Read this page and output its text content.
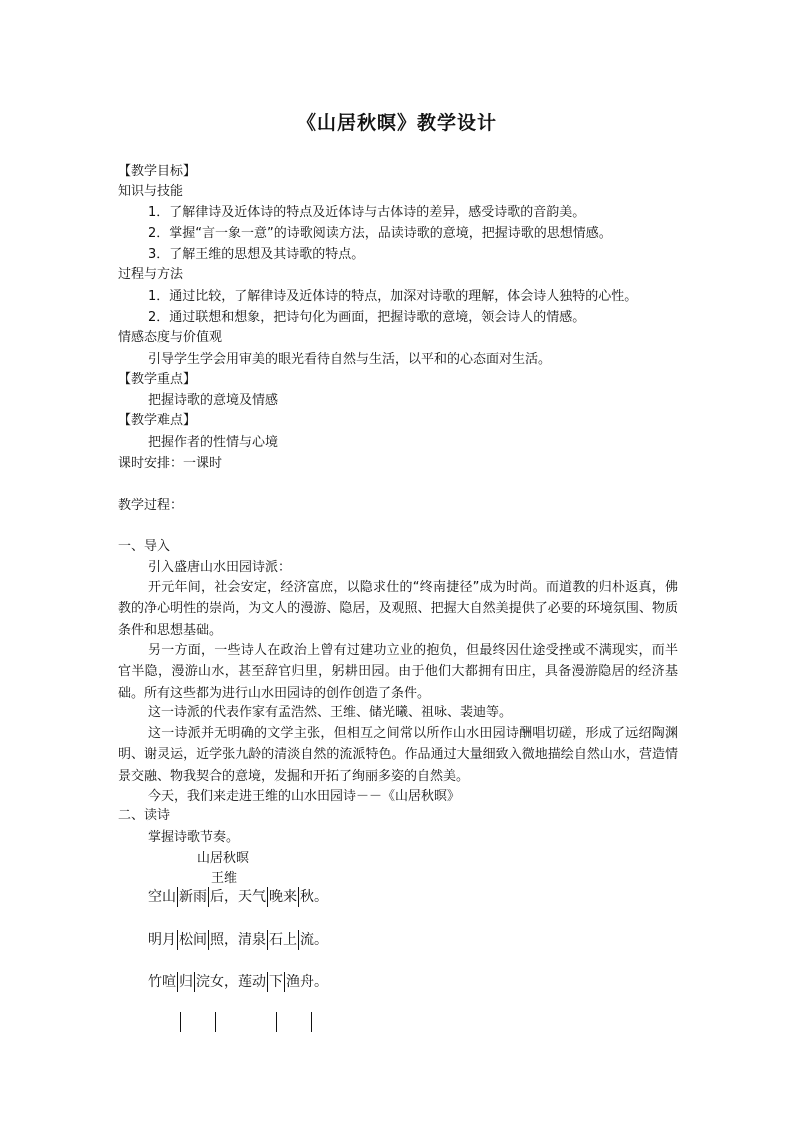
《山居秋暝》教学设计
【教学目标】
知识与技能
1．了解律诗及近体诗的特点及近体诗与古体诗的差异，感受诗歌的音韵美。
2．掌握“言一象一意”的诗歌阅读方法，品读诗歌的意境，把握诗歌的思想情感。
3．了解王维的思想及其诗歌的特点。
过程与方法
1．通过比较，了解律诗及近体诗的特点，加深对诗歌的理解，体会诗人独特的心性。
2．通过联想和想象，把诗句化为画面，把握诗歌的意境，领会诗人的情感。
情感态度与价值观
引导学生学会用审美的眼光看待自然与生活，以平和的心态面对生活。
【教学重点】
把握诗歌的意境及情感
【教学难点】
把握作者的性情与心境
课时安排：一课时
教学过程：
一、导入
引入盛唐山水田园诗派：
开元年间，社会安定，经济富庶，以隐求仕的“终南捷径”成为时尚。而道教的归朴返真，佛教的净心明性的崇尚，为文人的漫游、隐居，及观照、把握大自然美提供了必要的环境氛围、物质条件和思想基础。
另一方面，一些诗人在政治上曾有过建功立业的抱负，但最终因仕途受挫或不满现实，而半官半隐，漫游山水，甚至辞官归里，躬耕田园。由于他们大都拥有田庄，具备漫游隐居的经济基础。所有这些都为进行山水田园诗的创作创造了条件。
这一诗派的代表作家有孟浩然、王维、储光曦、祖咏、裴迪等。
这一诗派并无明确的文学主张，但相互之间常以所作山水田园诗酬唱切磋，形成了远绍陶渊明、谢灵运，近学张九龄的清淡自然的流派特色。作品通过大量细致入微地描绘自然山水，营造情景交融、物我契合的意境，发掘和开拓了绚丽多姿的自然美。
今天，我们来走进王维的山水田园诗－－《山居秋暝》
二、读诗
掌握诗歌节奏。
山居秋暝
王维
空山 新雨 后，天气 晚来 秋。
明月 松间 照，清泉 石上 流。
竹喧 归 浣女，莲动 下 渔舟。
